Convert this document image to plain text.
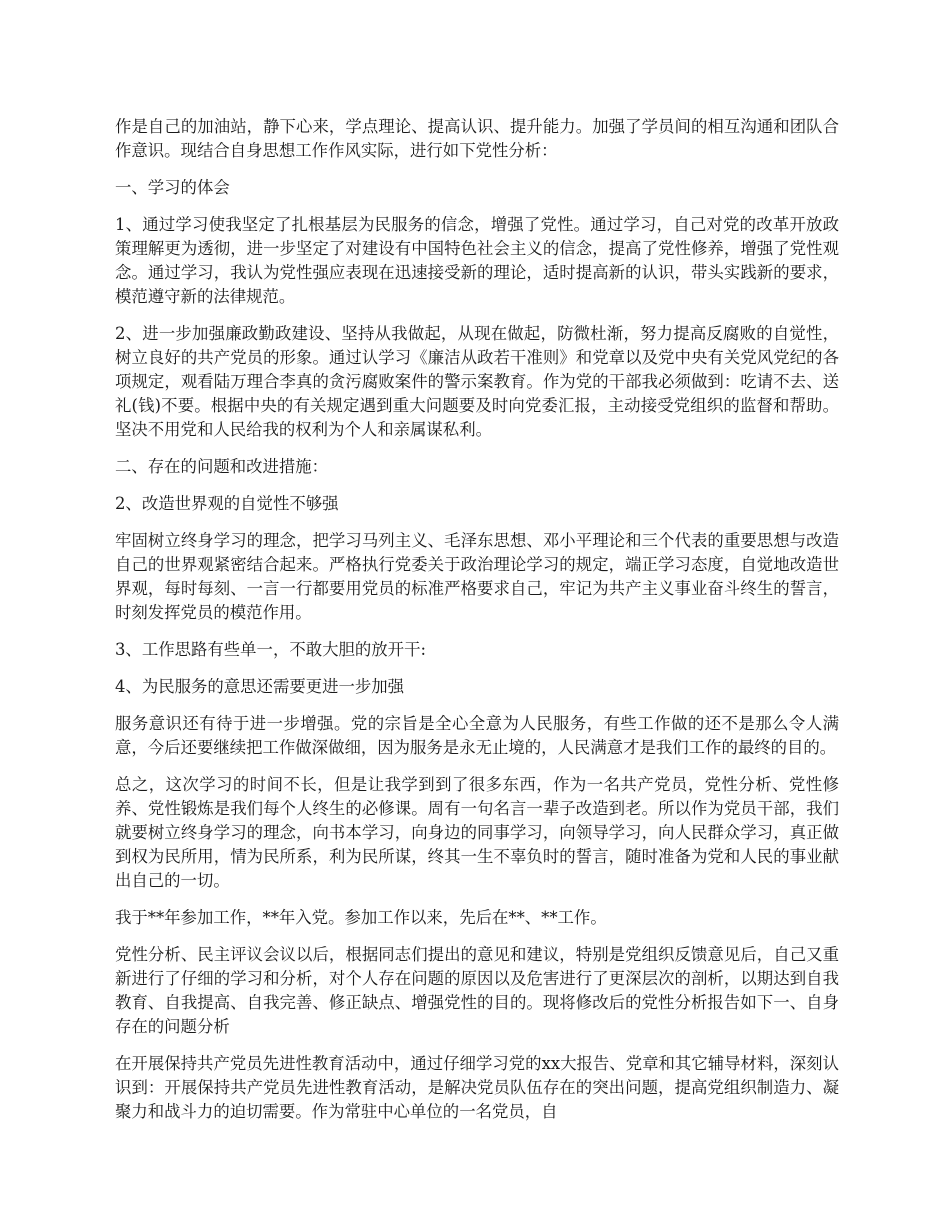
作是自己的加油站，静下心来，学点理论、提高认识、提升能力。加强了学员间的相互沟通和团队合作意识。现结合自身思想工作作风实际，进行如下党性分析：

一、学习的体会

1、通过学习使我坚定了扎根基层为民服务的信念，增强了党性。通过学习，自己对党的改革开放政策理解更为透彻，进一步坚定了对建设有中国特色社会主义的信念，提高了党性修养，增强了党性观念。通过学习，我认为党性强应表现在迅速接受新的理论，适时提高新的认识，带头实践新的要求，模范遵守新的法律规范。

2、进一步加强廉政勤政建设、坚持从我做起，从现在做起，防微杜渐，努力提高反腐败的自觉性，树立良好的共产党员的形象。通过认学习《廉洁从政若干准则》和党章以及党中央有关党风党纪的各项规定，观看陆万理合李真的贪污腐败案件的警示案教育。作为党的干部我必须做到：吃请不去、送礼(钱)不要。根据中央的有关规定遇到重大问题要及时向党委汇报，主动接受党组织的监督和帮助。坚决不用党和人民给我的权利为个人和亲属谋私利。

二、存在的问题和改进措施：

2、改造世界观的自觉性不够强

牢固树立终身学习的理念，把学习马列主义、毛泽东思想、邓小平理论和三个代表的重要思想与改造自己的世界观紧密结合起来。严格执行党委关于政治理论学习的规定，端正学习态度，自觉地改造世界观，每时每刻、一言一行都要用党员的标准严格要求自己，牢记为共产主义事业奋斗终生的誓言，时刻发挥党员的模范作用。

3、工作思路有些单一，不敢大胆的放开干:

4、为民服务的意思还需要更进一步加强

服务意识还有待于进一步增强。党的宗旨是全心全意为人民服务，有些工作做的还不是那么令人满意，今后还要继续把工作做深做细，因为服务是永无止境的，人民满意才是我们工作的最终的目的。

总之，这次学习的时间不长，但是让我学到到了很多东西，作为一名共产党员，党性分析、党性修养、党性锻炼是我们每个人终生的必修课。周有一句名言一辈子改造到老。所以作为党员干部，我们就要树立终身学习的理念，向书本学习，向身边的同事学习，向领导学习，向人民群众学习，真正做到权为民所用，情为民所系，利为民所谋，终其一生不辜负时的誓言，随时准备为党和人民的事业献出自己的一切。

我于**年参加工作，**年入党。参加工作以来，先后在**、**工作。

党性分析、民主评议会议以后，根据同志们提出的意见和建议，特别是党组织反馈意见后，自己又重新进行了仔细的学习和分析，对个人存在问题的原因以及危害进行了更深层次的剖析，以期达到自我教育、自我提高、自我完善、修正缺点、增强党性的目的。现将修改后的党性分析报告如下一、自身存在的问题分析

在开展保持共产党员先进性教育活动中，通过仔细学习党的xx大报告、党章和其它辅导材料，深刻认识到：开展保持共产党员先进性教育活动，是解决党员队伍存在的突出问题，提高党组织制造力、凝聚力和战斗力的迫切需要。作为常驻中心单位的一名党员，自
